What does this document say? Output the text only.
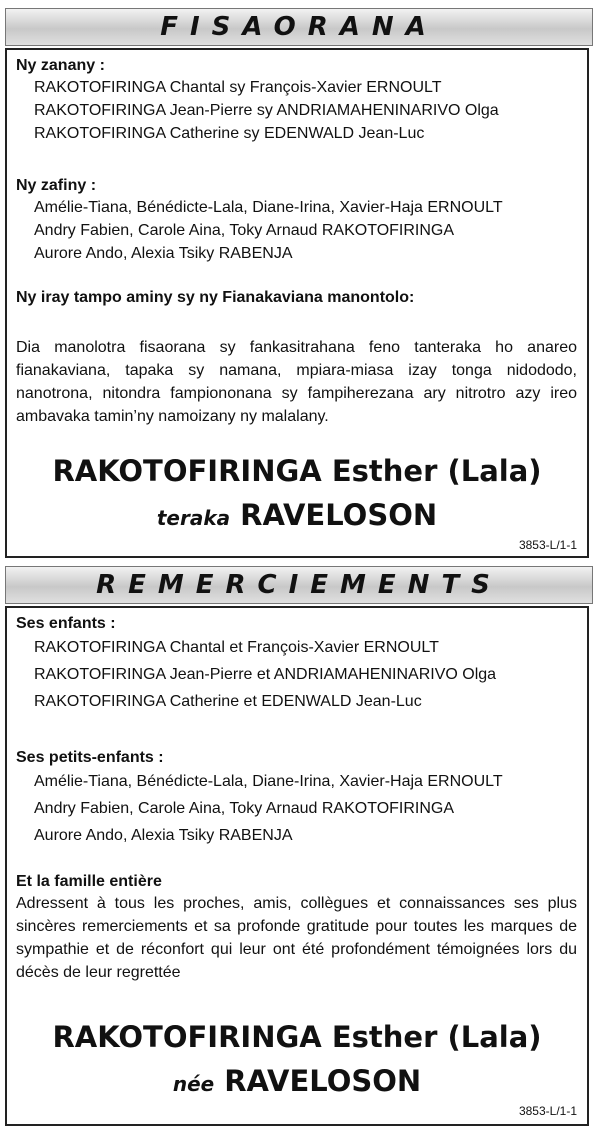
FISAORANA
Ny zanany :
RAKOTOFIRINGA Chantal sy François-Xavier ERNOULT
RAKOTOFIRINGA Jean-Pierre sy ANDRIAMAHENINARIVO Olga
RAKOTOFIRINGA Catherine sy EDENWALD Jean-Luc
Ny zafiny :
Amélie-Tiana, Bénédicte-Lala, Diane-Irina, Xavier-Haja ERNOULT
Andry Fabien, Carole Aina, Toky Arnaud RAKOTOFIRINGA
Aurore Ando, Alexia Tsiky RABENJA
Ny iray tampo aminy sy ny Fianakaviana manontolo:
Dia manolotra fisaorana sy fankasitrahana feno tanteraka ho anareo fianakaviana, tapaka sy namana, mpiara-miasa izay tonga nidododo, nanotrona, nitondra fampiononana sy fampiherezana ary nitrotro azy ireo ambavaka tamin’ny namoizany ny malalany.
RAKOTOFIRINGA Esther (Lala)
teraka RAVELOSON
3853-L/1-1
REMERCIEMENTS
Ses enfants :
RAKOTOFIRINGA Chantal et François-Xavier ERNOULT
RAKOTOFIRINGA Jean-Pierre et ANDRIAMAHENINARIVO Olga
RAKOTOFIRINGA Catherine et EDENWALD Jean-Luc
Ses petits-enfants :
Amélie-Tiana, Bénédicte-Lala, Diane-Irina, Xavier-Haja ERNOULT
Andry Fabien, Carole Aina, Toky Arnaud RAKOTOFIRINGA
Aurore Ando, Alexia Tsiky RABENJA
Et la famille entière
Adressent à tous les proches, amis, collègues et connaissances ses plus sincères remerciements et sa profonde gratitude pour toutes les marques de sympathie et de réconfort qui leur ont été profondément témoignées lors du décès de leur regrettée
RAKOTOFIRINGA Esther (Lala)
née RAVELOSON
3853-L/1-1
